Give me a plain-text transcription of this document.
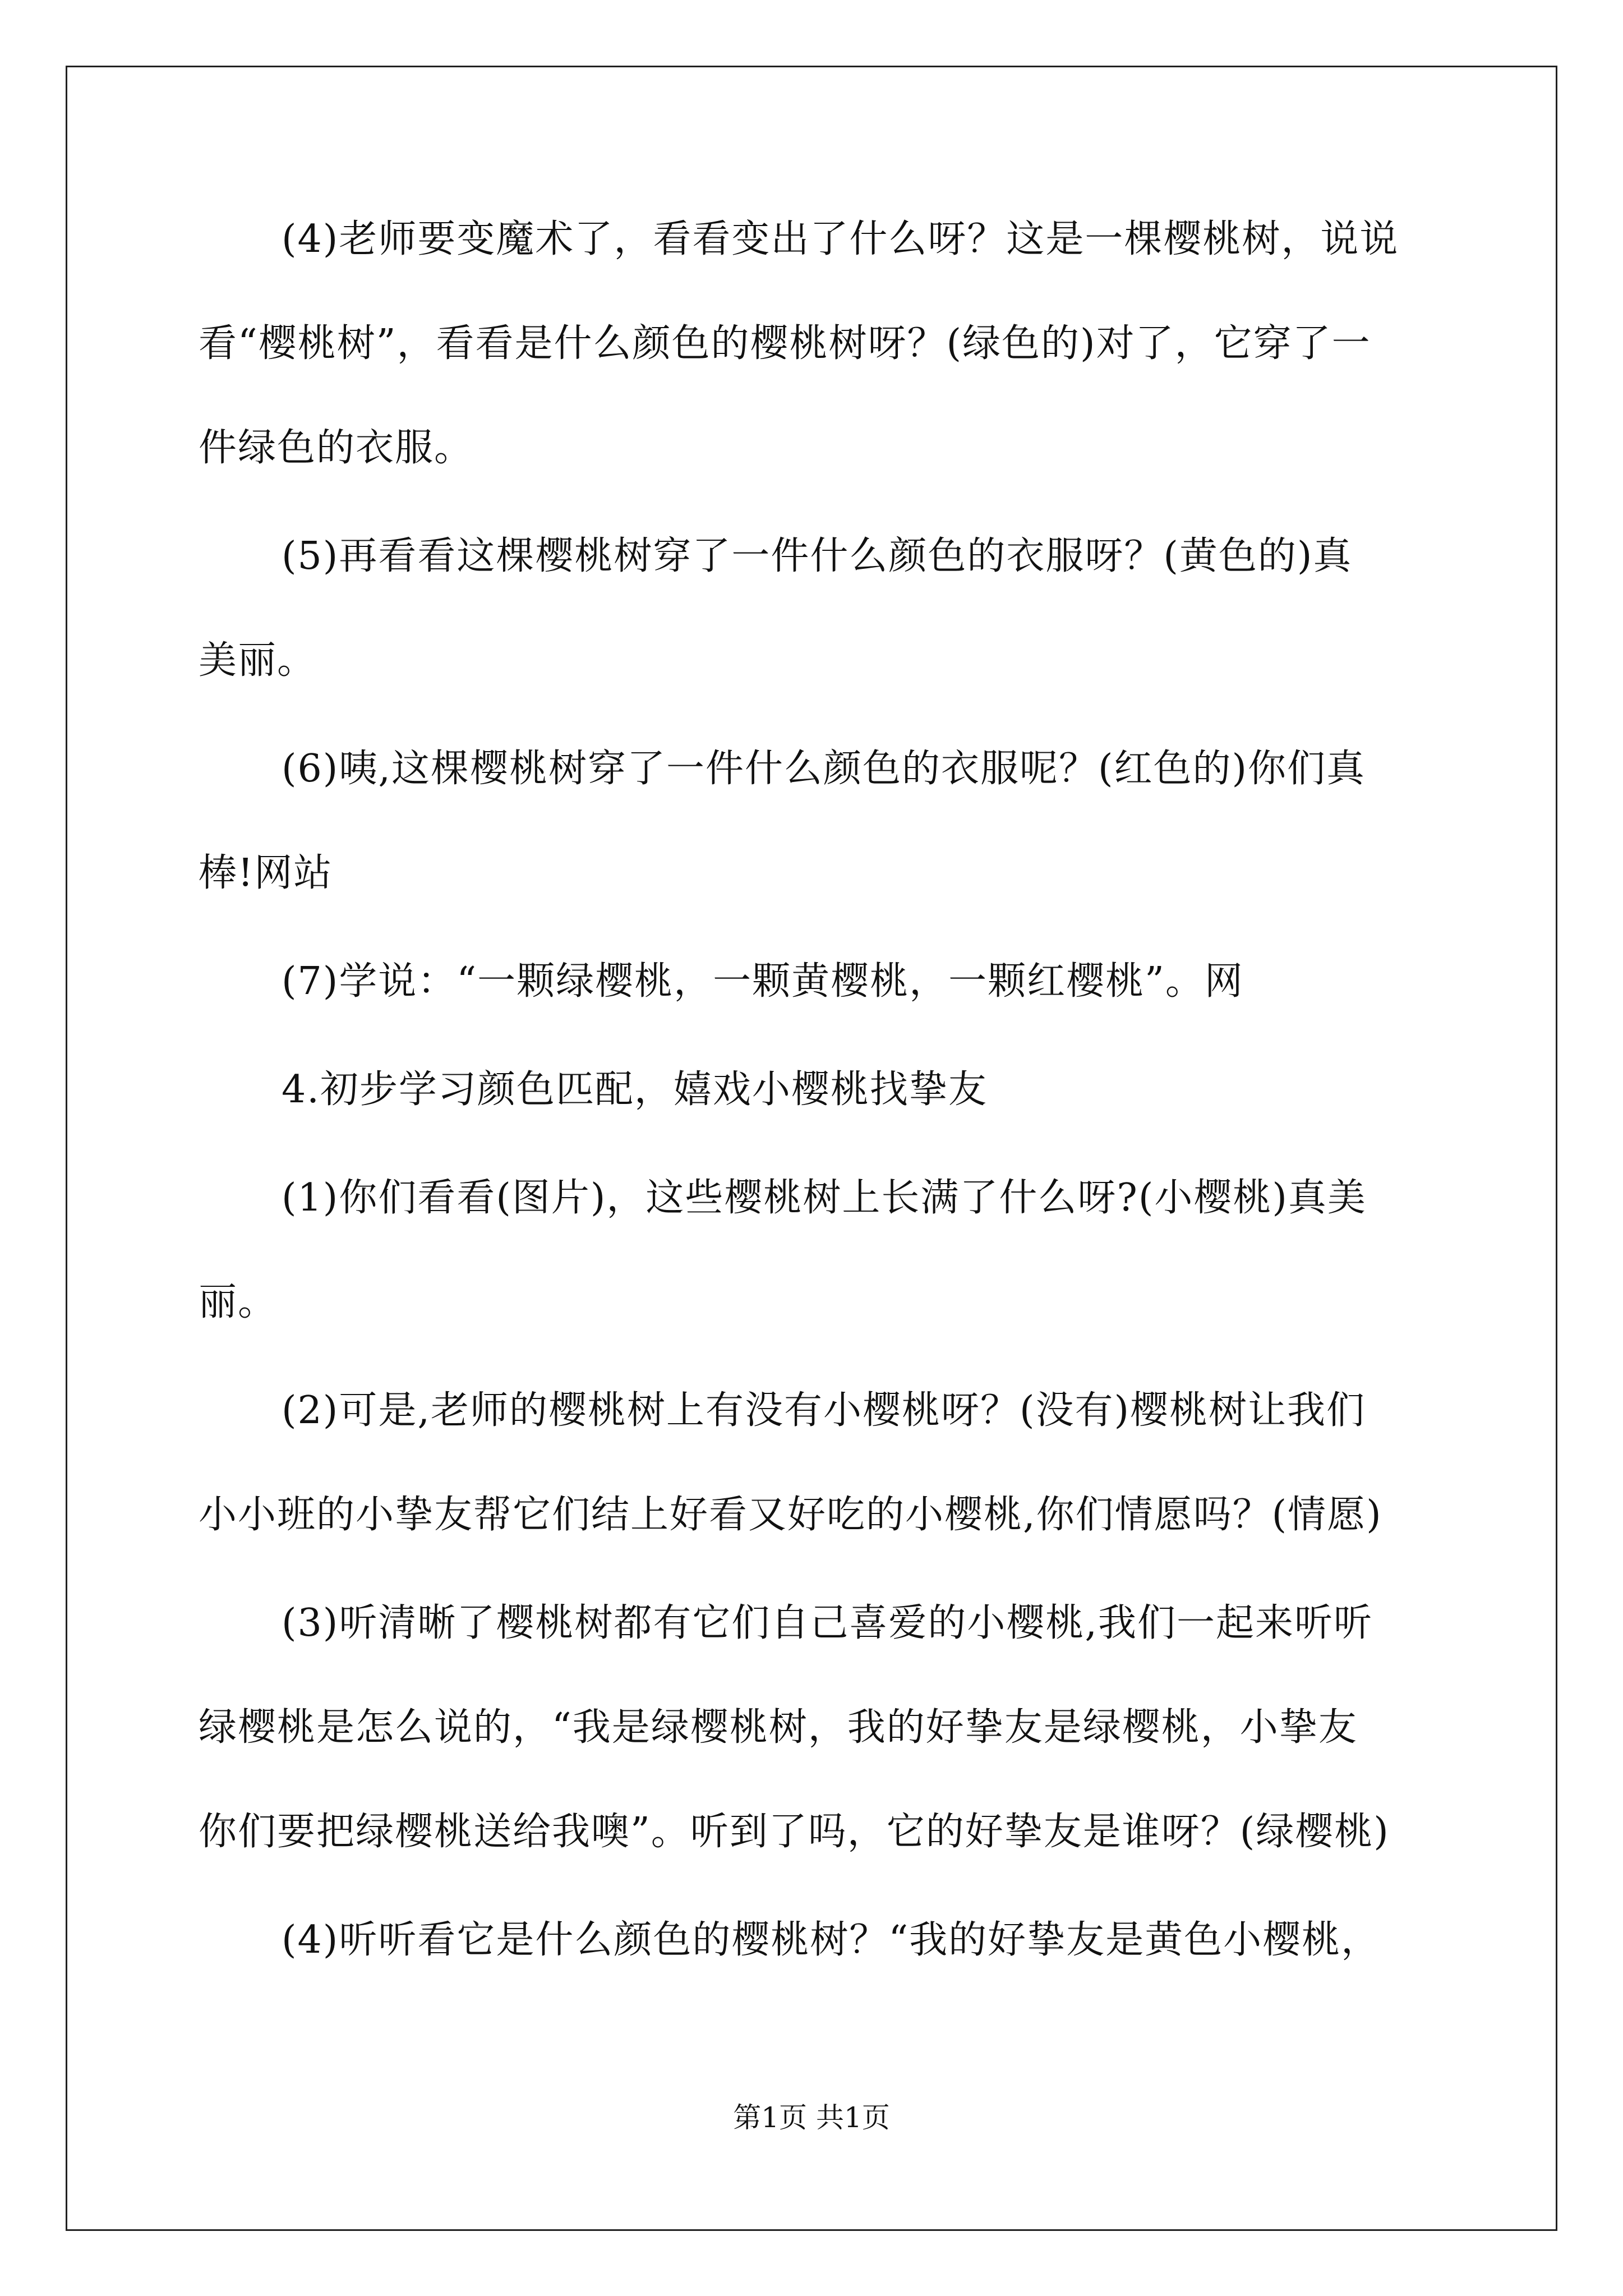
(4)老师要变魔术了，看看变出了什么呀？这是一棵樱桃树，说说
看“樱桃树”，看看是什么颜色的樱桃树呀？(绿色的)对了，它穿了一
件绿色的衣服。
(5)再看看这棵樱桃树穿了一件什么颜色的衣服呀？(黄色的)真
美丽。
(6)咦,这棵樱桃树穿了一件什么颜色的衣服呢？(红色的)你们真
棒!网站
(7)学说：“一颗绿樱桃，一颗黄樱桃，一颗红樱桃”。网
4.初步学习颜色匹配，嬉戏小樱桃找挚友
(1)你们看看(图片)，这些樱桃树上长满了什么呀?(小樱桃)真美
丽。
(2)可是,老师的樱桃树上有没有小樱桃呀？(没有)樱桃树让我们
小小班的小挚友帮它们结上好看又好吃的小樱桃,你们情愿吗？(情愿)
(3)听清晰了樱桃树都有它们自己喜爱的小樱桃,我们一起来听听
绿樱桃是怎么说的，“我是绿樱桃树，我的好挚友是绿樱桃，小挚友
你们要把绿樱桃送给我噢”。听到了吗，它的好挚友是谁呀？(绿樱桃)
(4)听听看它是什么颜色的樱桃树？“我的好挚友是黄色小樱桃，
第1页 共1页
